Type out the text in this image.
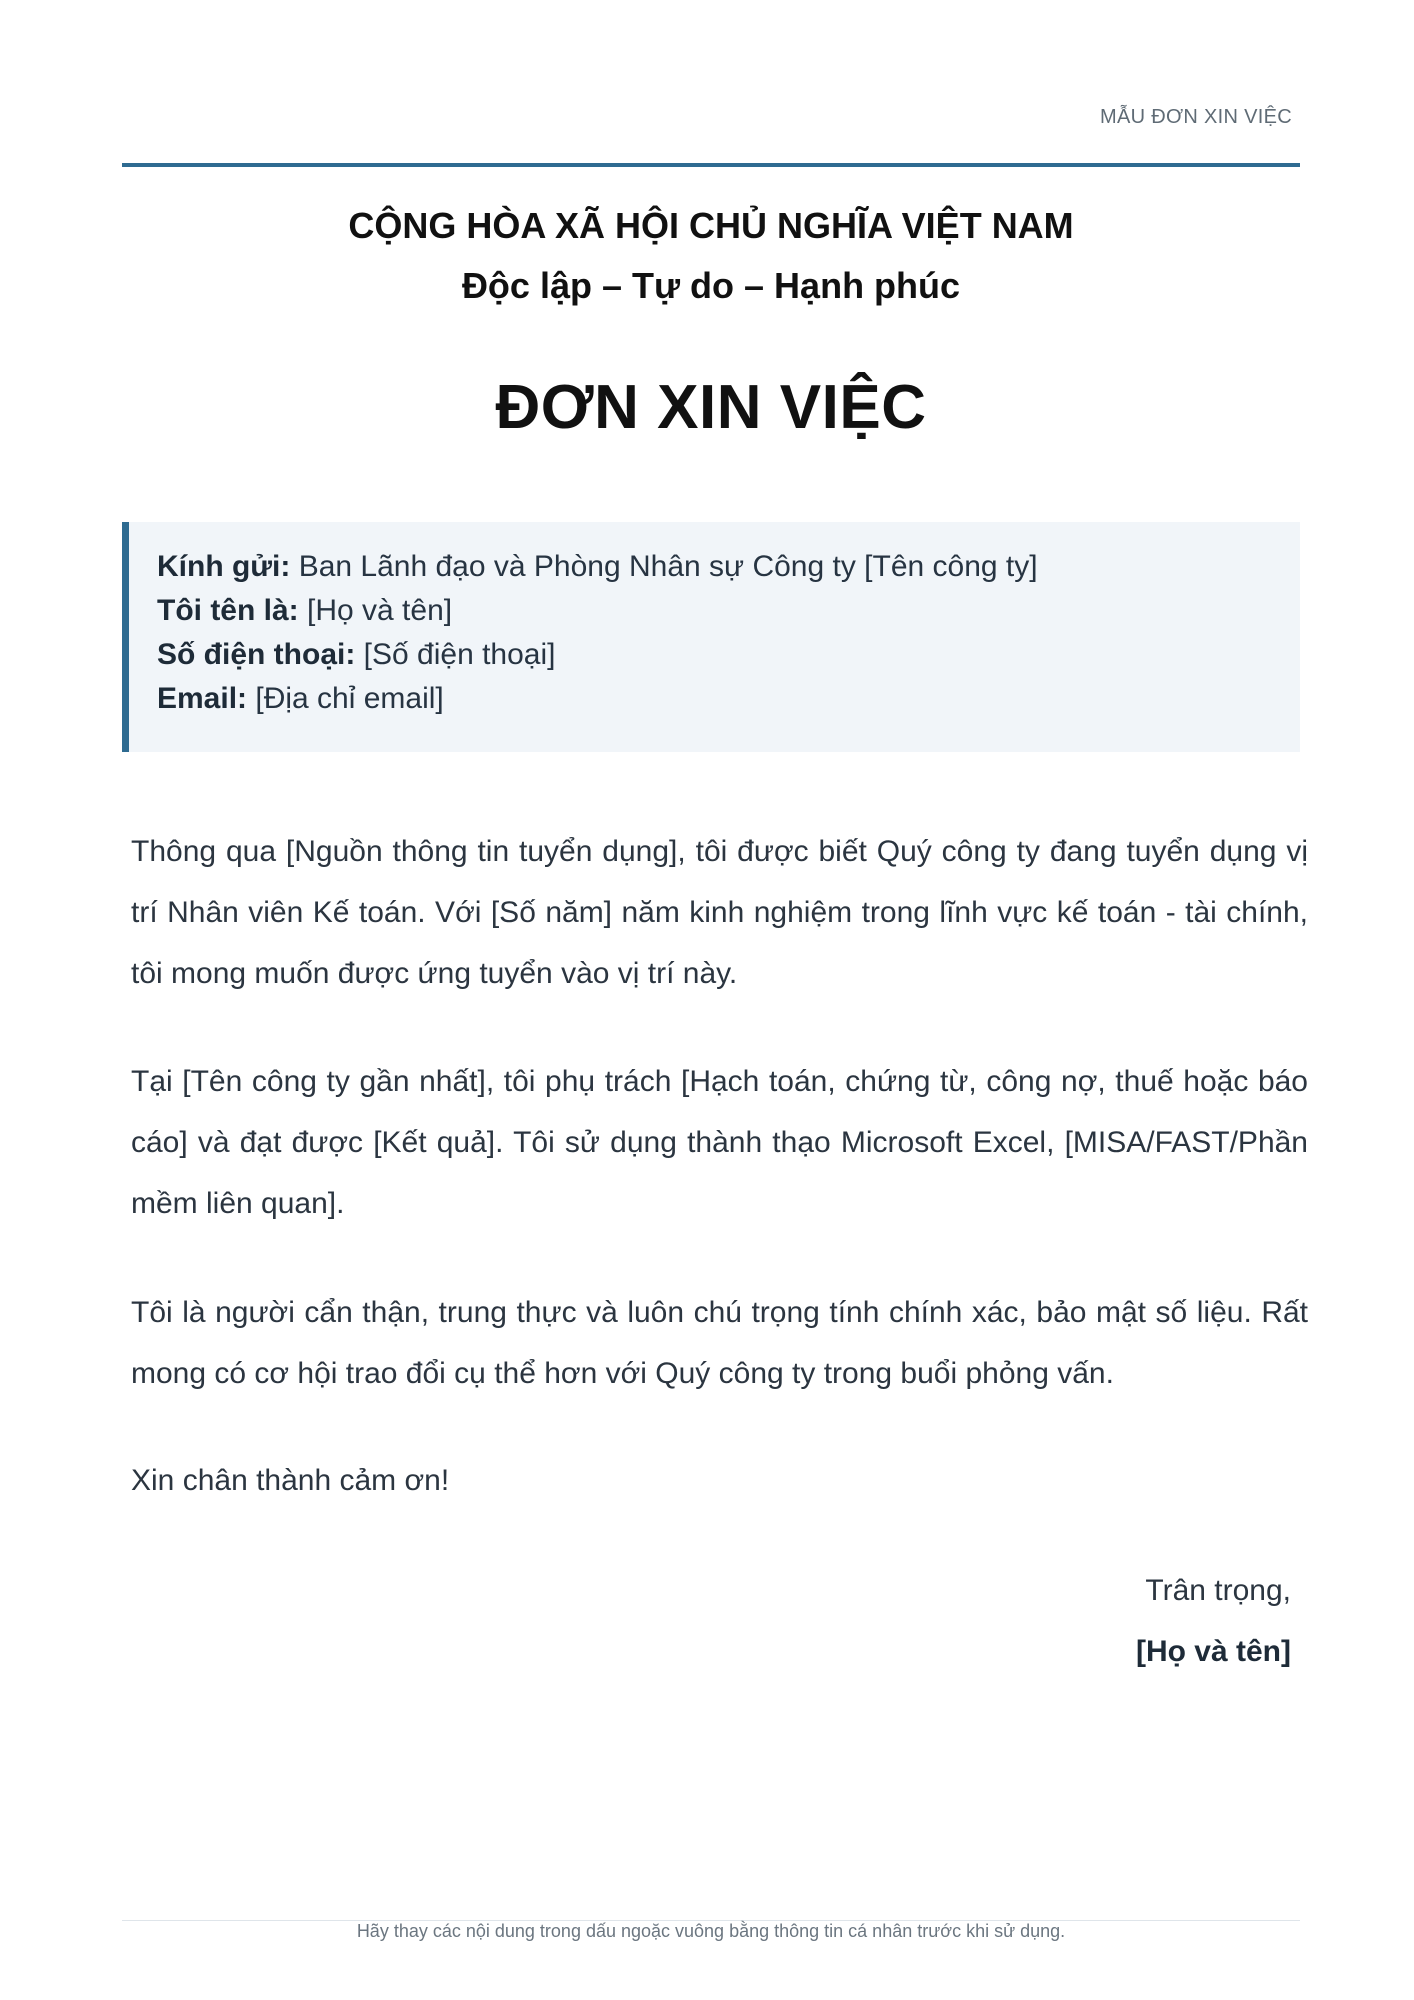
MẪU ĐƠN XIN VIỆC
CỘNG HÒA XÃ HỘI CHỦ NGHĨA VIỆT NAM
Độc lập – Tự do – Hạnh phúc
ĐƠN XIN VIỆC
Kính gửi: Ban Lãnh đạo và Phòng Nhân sự Công ty [Tên công ty]
Tôi tên là: [Họ và tên]
Số điện thoại: [Số điện thoại]
Email: [Địa chỉ email]
Thông qua [Nguồn thông tin tuyển dụng], tôi được biết Quý công ty đang tuyển dụng vị trí Nhân viên Kế toán. Với [Số năm] năm kinh nghiệm trong lĩnh vực kế toán - tài chính, tôi mong muốn được ứng tuyển vào vị trí này.
Tại [Tên công ty gần nhất], tôi phụ trách [Hạch toán, chứng từ, công nợ, thuế hoặc báo cáo] và đạt được [Kết quả]. Tôi sử dụng thành thạo Microsoft Excel, [MISA/FAST/Phần mềm liên quan].
Tôi là người cẩn thận, trung thực và luôn chú trọng tính chính xác, bảo mật số liệu. Rất mong có cơ hội trao đổi cụ thể hơn với Quý công ty trong buổi phỏng vấn.
Xin chân thành cảm ơn!
Trân trọng,
[Họ và tên]
Hãy thay các nội dung trong dấu ngoặc vuông bằng thông tin cá nhân trước khi sử dụng.
